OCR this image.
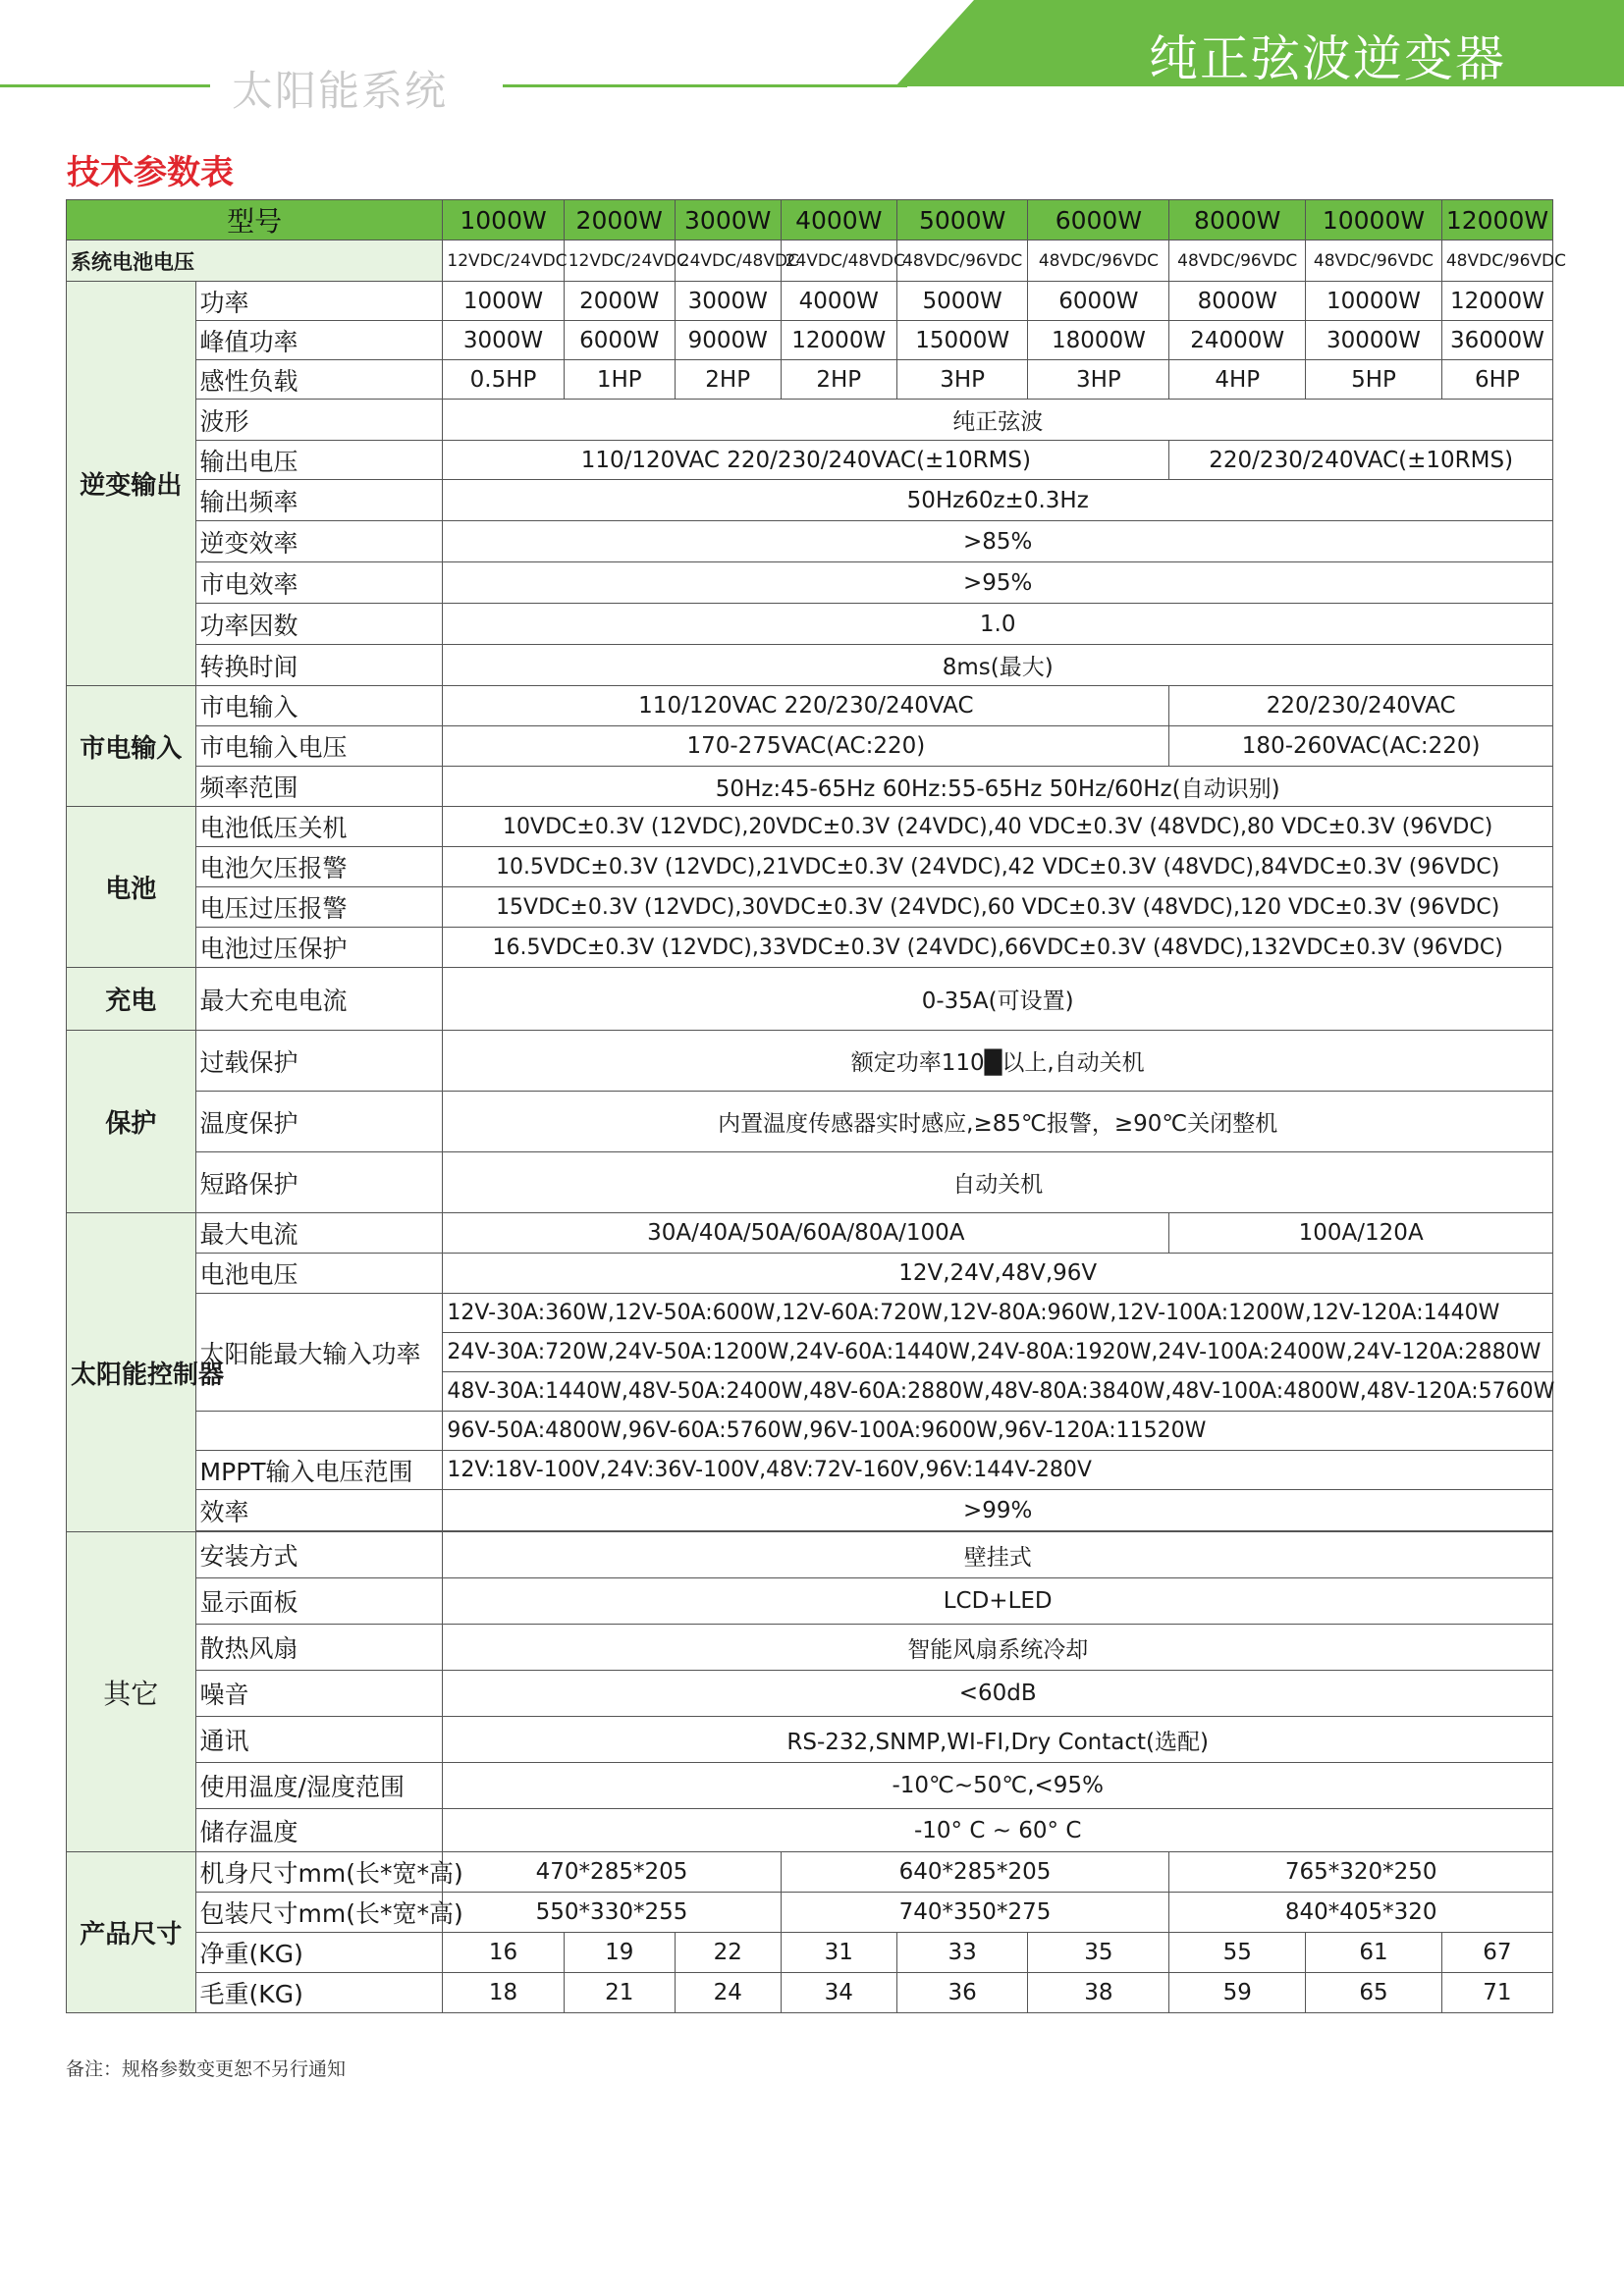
太阳能系统
纯正弦波逆变器
技术参数表
型号		1000W	2000W	3000W	4000W	5000W	6000W	8000W	10000W	12000W
系统电池电压		12VDC/24VDC	12VDC/24VDC	24VDC/48VDC	24VDC/48VDC	48VDC/96VDC	48VDC/96VDC	48VDC/96VDC	48VDC/96VDC	48VDC/96VDC
逆变输出	功率	1000W	2000W	3000W	4000W	5000W	6000W	8000W	10000W	12000W
	峰值功率	3000W	6000W	9000W	12000W	15000W	18000W	24000W	30000W	36000W
	感性负载	0.5HP	1HP	2HP	2HP	3HP	3HP	4HP	5HP	6HP
	波形	纯正弦波								
	输出电压	110/120VAC 220/230/240VAC(±10RMS)						220/230/240VAC(±10RMS)		
	输出频率	50Hz60z±0.3Hz								
	逆变效率	>85%								
	市电效率	>95%								
	功率因数	1.0								
	转换时间	8ms(最大)								
市电输入	市电输入	110/120VAC 220/230/240VAC						220/230/240VAC		
	市电输入电压	170-275VAC(AC:220)						180-260VAC(AC:220)		
	频率范围	50Hz:45-65Hz 60Hz:55-65Hz 50Hz/60Hz(自动识别)								
电池	电池低压关机	10VDC±0.3V (12VDC),20VDC±0.3V (24VDC),40 VDC±0.3V (48VDC),80 VDC±0.3V (96VDC)								
	电池欠压报警	10.5VDC±0.3V (12VDC),21VDC±0.3V (24VDC),42 VDC±0.3V (48VDC),84VDC±0.3V (96VDC)								
	电压过压报警	15VDC±0.3V (12VDC),30VDC±0.3V (24VDC),60 VDC±0.3V (48VDC),120 VDC±0.3V (96VDC)								
	电池过压保护	16.5VDC±0.3V (12VDC),33VDC±0.3V (24VDC),66VDC±0.3V (48VDC),132VDC±0.3V (96VDC)								
充电	最大充电电流	0-35A(可设置)								
保护	过载保护	额定功率110█以上,自动关机								
	温度保护	内置温度传感器实时感应,≥85℃报警，≥90℃关闭整机								
	短路保护	自动关机								
太阳能控制器	最大电流	30A/40A/50A/60A/80A/100A						100A/120A		
	电池电压	12V,24V,48V,96V								
	太阳能最大输入功率	12V-30A:360W,12V-50A:600W,12V-60A:720W,12V-80A:960W,12V-100A:1200W,12V-120A:1440W								
		24V-30A:720W,24V-50A:1200W,24V-60A:1440W,24V-80A:1920W,24V-100A:2400W,24V-120A:2880W								
		48V-30A:1440W,48V-50A:2400W,48V-60A:2880W,48V-80A:3840W,48V-100A:4800W,48V-120A:5760W								
		96V-50A:4800W,96V-60A:5760W,96V-100A:9600W,96V-120A:11520W								
	MPPT输入电压范围	12V:18V-100V,24V:36V-100V,48V:72V-160V,96V:144V-280V								
	效率	>99%								

其它	安装方式	壁挂式								
	显示面板	LCD+LED								
	散热风扇	智能风扇系统冷却								
	噪音	<60dB								
	通讯	RS-232,SNMP,WI-FI,Dry Contact(选配)								
	使用温度/湿度范围	-10℃~50℃,<95%								
	储存温度	-10° C ~ 60° C								
产品尺寸	机身尺寸mm(长*宽*高)	470*285*205			640*285*205			765*320*250		
	包装尺寸mm(长*宽*高)	550*330*255			740*350*275			840*405*320		
	净重(KG)	16	19	22	31	33	35	55	61	67
	毛重(KG)	18	21	24	34	36	38	59	65	71
备注：规格参数变更恕不另行通知
